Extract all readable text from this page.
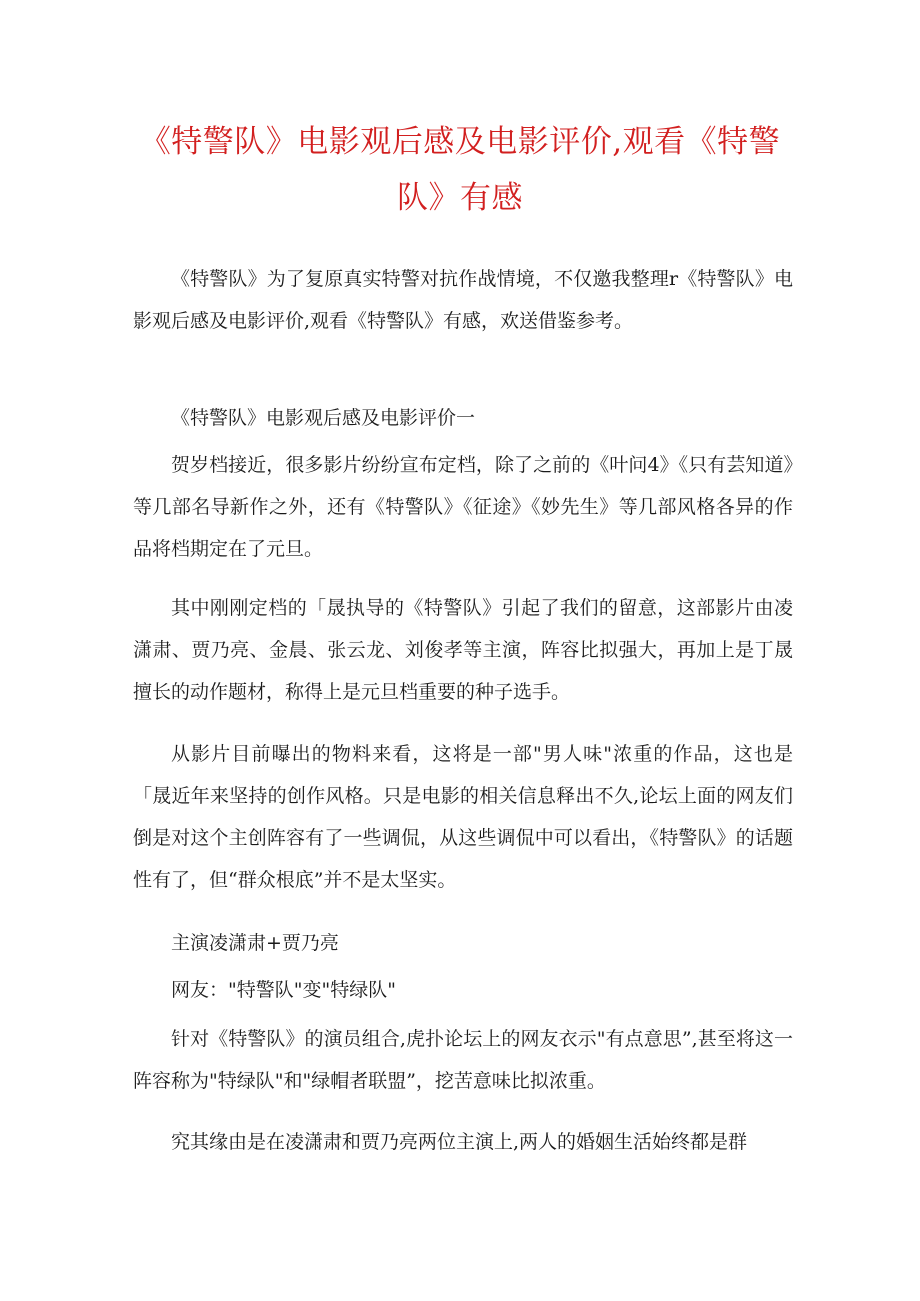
《特警队》电影观后感及电影评价,观看《特警
队》有感

《特警队》为了复原真实特警对抗作战情境，不仅邀我整理r《特警队》电影观后感及电影评价,观看《特警队》有感，欢送借鉴参考。

《特警队》电影观后感及电影评价一

贺岁档接近，很多影片纷纷宣布定档，除了之前的《叶问4》《只有芸知道》等几部名导新作之外，还有《特警队》《征途》《妙先生》等几部风格各异的作品将档期定在了元旦。

其中刚刚定档的「晟执导的《特警队》引起了我们的留意，这部影片由凌潇肃、贾乃亮、金晨、张云龙、刘俊孝等主演，阵容比拟强大，再加上是丁晟擅长的动作题材，称得上是元旦档重要的种子选手。

从影片目前曝出的物料来看，这将是一部"男人味"浓重的作品，这也是「晟近年来坚持的创作风格。只是电影的相关信息释出不久,论坛上面的网友们倒是对这个主创阵容有了一些调侃，从这些调侃中可以看出，《特警队》的话题性有了，但“群众根底”并不是太坚实。

主演凌潇肃+贾乃亮

网友："特警队"变"特绿队"

针对《特警队》的演员组合,虎扑论坛上的网友衣示"有点意思”,甚至将这一阵容称为"特绿队"和"绿帽者联盟”，挖苦意味比拟浓重。

究其缘由是在凌潇肃和贾乃亮两位主演上,两人的婚姻生活始终都是群
